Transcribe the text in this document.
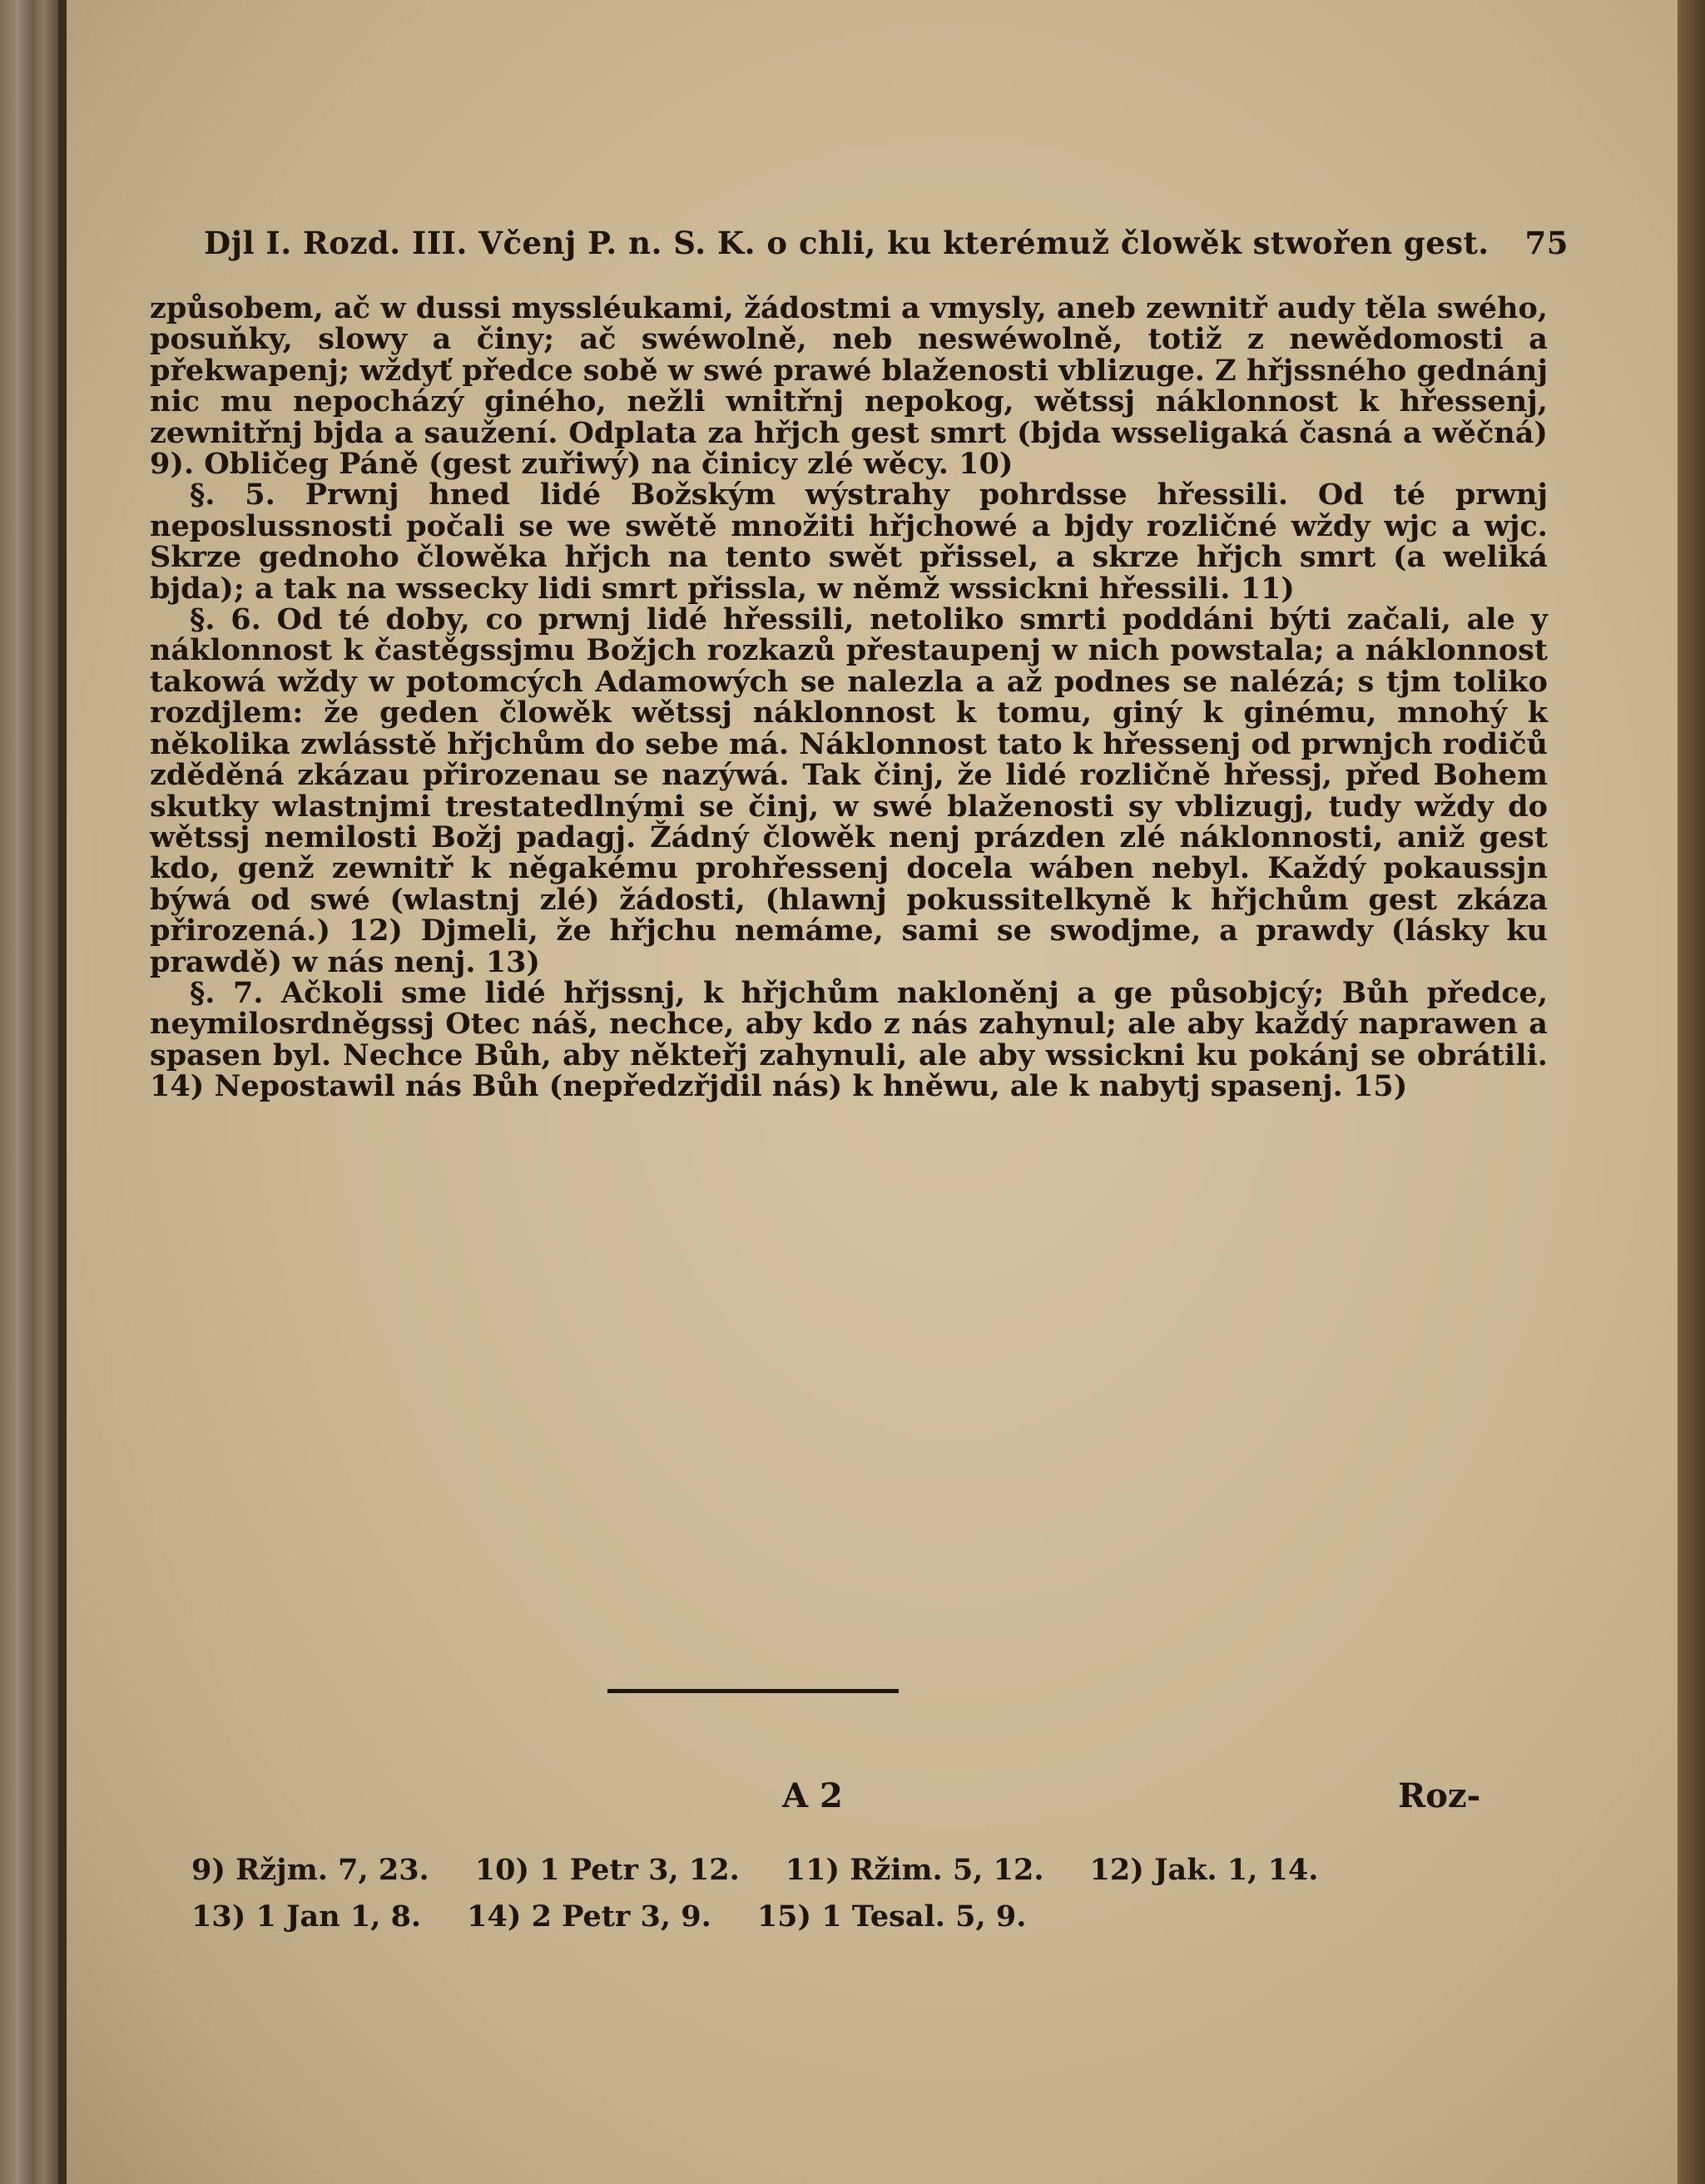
Djl I. Rozd. III. Včenj P. n. S. K. o chli, ku kterémuž člowěk stwořen gest. 75

způsobem, ač w dussi myssléukami, žádostmi a vmysly, aneb zewnitř audy těla swého, posuňky, slowy a činy; ač swéwolně, neb neswéwolně, totiž z newědomosti a překwapenj; wždyť předce sobě w swé prawé blaženosti vblizuge. Z hřjssného gednánj nic mu nepocházý giného, nežli wnitřnj nepokog, wětssj náklonnost k hřessenj, zewnitřnj bjda a saužení. Odplata za hřjch gest smrt (bjda wsseligaká časná a wěčná) 9). Obličeg Páně (gest zuřiwý) na činicy zlé wěcy. 10)

§. 5. Prwnj hned lidé Božským wýstrahy pohrdsse hřessili. Od té prwnj neposlussnosti počali se we swětě množiti hřjchowé a bjdy rozličné wždy wjc a wjc. Skrze gednoho člowěka hřjch na tento swět přissel, a skrze hřjch smrt (a weliká bjda); a tak na wssecky lidi smrt přissla, w němž wssickni hřessili. 11)

§. 6. Od té doby, co prwnj lidé hřessili, netoliko smrti poddáni býti začali, ale y náklonnost k častěgssjmu Božjch rozkazů přestaupenj w nich powstala; a náklonnost takowá wždy w potomcých Adamowých se nalezla a až podnes se nalézá; s tjm toliko rozdjlem: že geden člowěk wětssj náklonnost k tomu, giný k ginému, mnohý k několika zwlásstě hřjchům do sebe má. Náklonnost tato k hřessenj od prwnjch rodičů zděděná zkázau přirozenau se nazýwá. Tak činj, že lidé rozličně hřessj, před Bohem skutky wlastnjmi trestatedlnými se činj, w swé blaženosti sy vblizugj, tudy wždy do wětssj nemilosti Božj padagj. Žádný člowěk nenj prázden zlé náklonnosti, aniž gest kdo, genž zewnitř k něgakému prohřessenj docela wáben nebyl. Každý pokaussjn býwá od swé (wlastnj zlé) žádosti, (hlawnj pokussitelkyně k hřjchům gest zkáza přirozená.) 12) Djmeli, že hřjchu nemáme, sami se swodjme, a prawdy (lásky ku prawdě) w nás nenj. 13)

§. 7. Ačkoli sme lidé hřjssnj, k hřjchům nakloněnj a ge působjcý; Bůh předce, neymilosrdněgssj Otec náš, nechce, aby kdo z nás zahynul; ale aby každý naprawen a spasen byl. Nechce Bůh, aby někteřj zahynuli, ale aby wssickni ku pokánj se obrátili. 14) Nepostawil nás Bůh (nepředzřjdil nás) k hněwu, ale k nabytj spasenj. 15)

A 2	Roz-
9) Ržjm. 7, 23. 10) 1 Petr 3, 12. 11) Ržim. 5, 12. 12) Jak. 1, 14.
13) 1 Jan 1, 8. 14) 2 Petr 3, 9. 15) 1 Tesal. 5, 9.
